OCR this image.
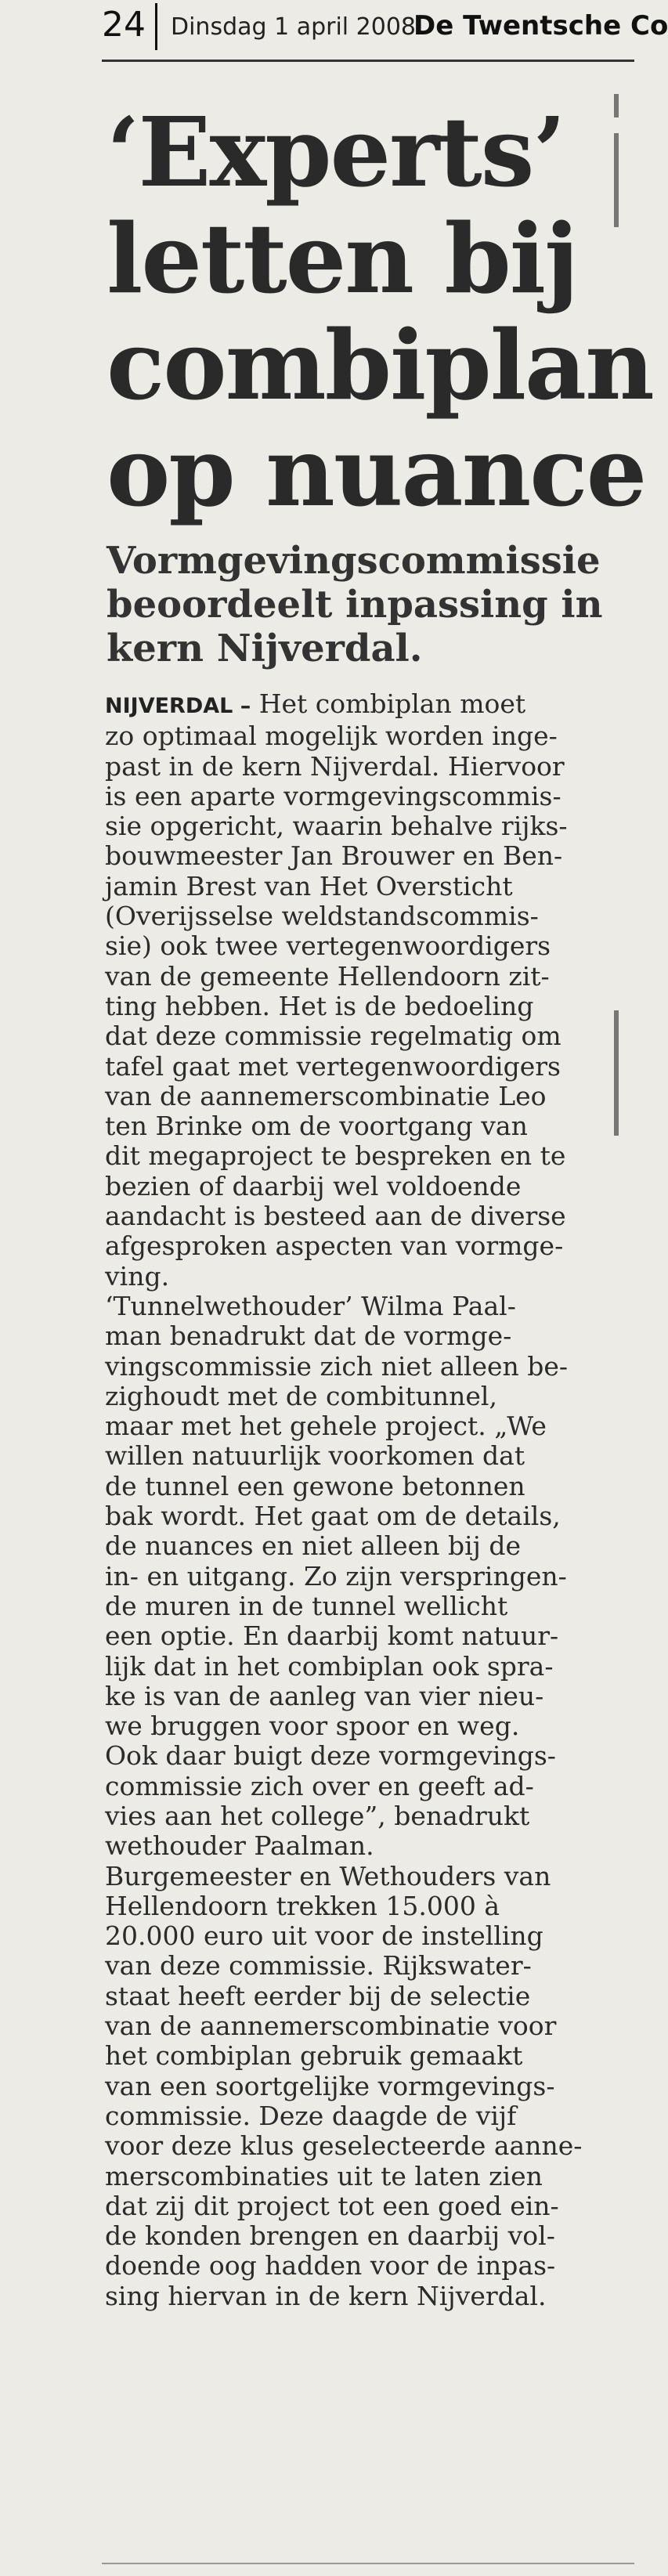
24 Dinsdag 1 april 2008
De Twentsche Co
‘Experts’
letten bij
combiplan
op nuance
Vormgevingscommissie
beoordeelt inpassing in
kern Nijverdal.
NIJVERDAL – Het combiplan moet
zo optimaal mogelijk worden inge-
past in de kern Nijverdal. Hiervoor
is een aparte vormgevingscommis-
sie opgericht, waarin behalve rijks-
bouwmeester Jan Brouwer en Ben-
jamin Brest van Het Oversticht
(Overijsselse weldstandscommis-
sie) ook twee vertegenwoordigers
van de gemeente Hellendoorn zit-
ting hebben. Het is de bedoeling
dat deze commissie regelmatig om
tafel gaat met vertegenwoordigers
van de aannemerscombinatie Leo
ten Brinke om de voortgang van
dit megaproject te bespreken en te
bezien of daarbij wel voldoende
aandacht is besteed aan de diverse
afgesproken aspecten van vormge-
ving.
‘Tunnelwethouder’ Wilma Paal-
man benadrukt dat de vormge-
vingscommissie zich niet alleen be-
zighoudt met de combitunnel,
maar met het gehele project. „We
willen natuurlijk voorkomen dat
de tunnel een gewone betonnen
bak wordt. Het gaat om de details,
de nuances en niet alleen bij de
in- en uitgang. Zo zijn verspringen-
de muren in de tunnel wellicht
een optie. En daarbij komt natuur-
lijk dat in het combiplan ook spra-
ke is van de aanleg van vier nieu-
we bruggen voor spoor en weg.
Ook daar buigt deze vormgevings-
commissie zich over en geeft ad-
vies aan het college”, benadrukt
wethouder Paalman.
Burgemeester en Wethouders van
Hellendoorn trekken 15.000 à
20.000 euro uit voor de instelling
van deze commissie. Rijkswater-
staat heeft eerder bij de selectie
van de aannemerscombinatie voor
het combiplan gebruik gemaakt
van een soortgelijke vormgevings-
commissie. Deze daagde de vijf
voor deze klus geselecteerde aanne-
merscombinaties uit te laten zien
dat zij dit project tot een goed ein-
de konden brengen en daarbij vol-
doende oog hadden voor de inpas-
sing hiervan in de kern Nijverdal.
